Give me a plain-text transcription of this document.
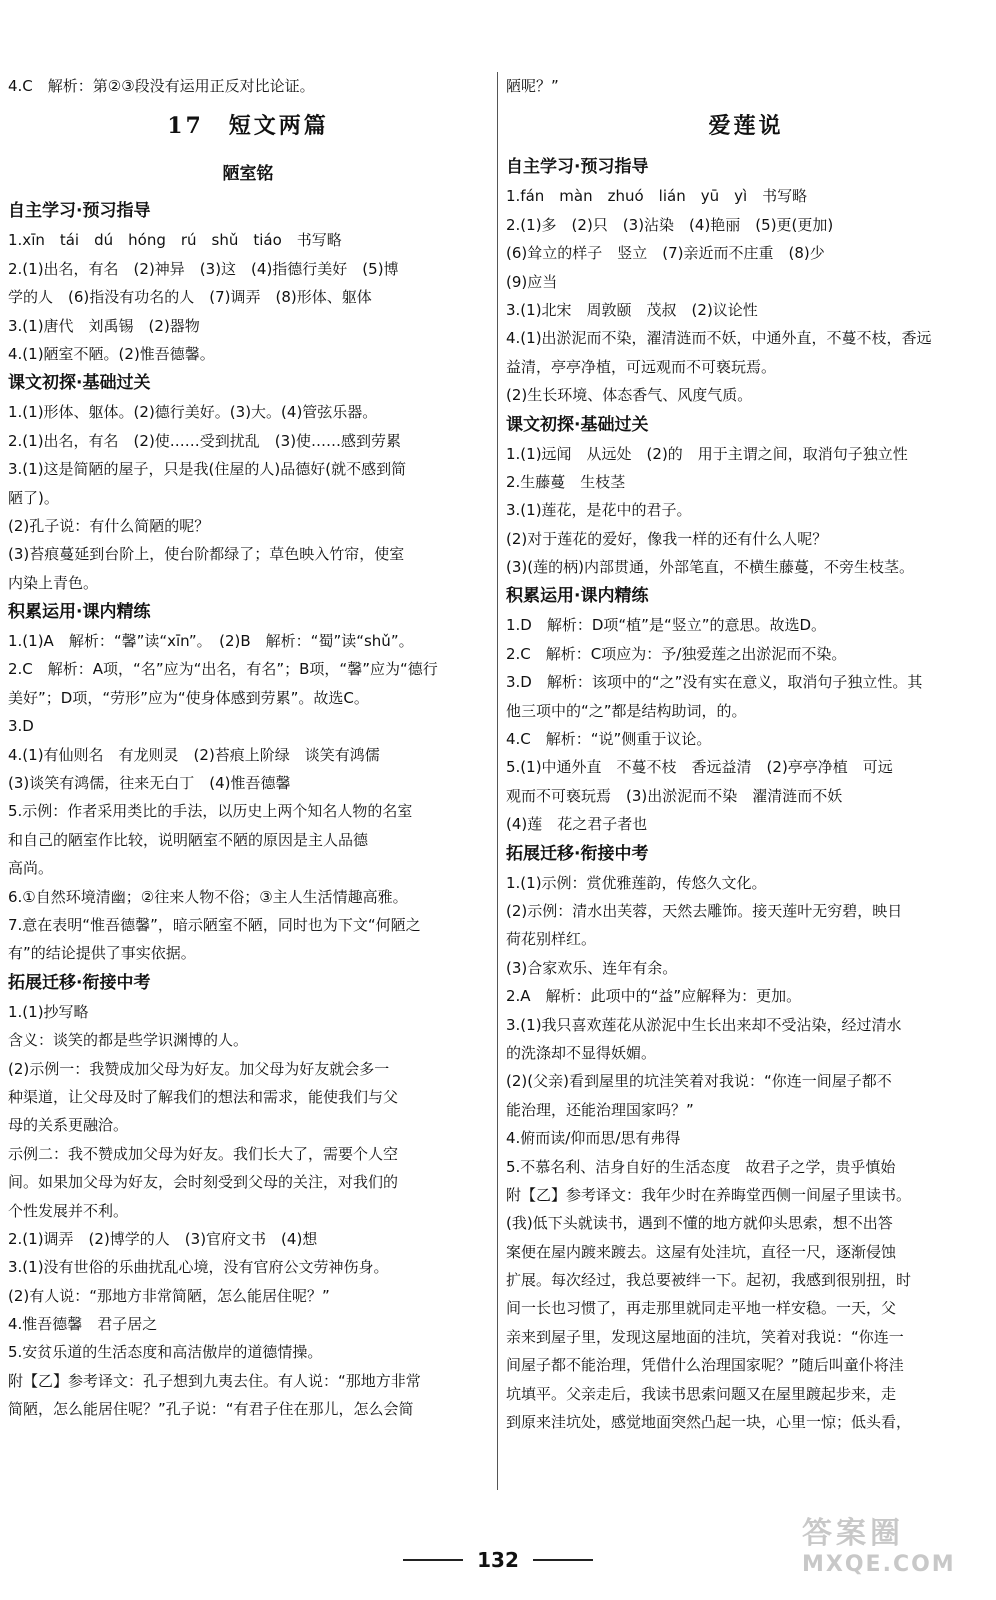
4.C　解析：第②③段没有运用正反对比论证。
17　短文两篇
陋室铭
自主学习·预习指导
1.xīn　tái　dú　hóng　rú　shǔ　tiáo　书写略
2.(1)出名，有名　(2)神异　(3)这　(4)指德行美好　(5)博
学的人　(6)指没有功名的人　(7)调弄　(8)形体、躯体
3.(1)唐代　刘禹锡　(2)器物
4.(1)陋室不陋。(2)惟吾德馨。
课文初探·基础过关
1.(1)形体、躯体。(2)德行美好。(3)大。(4)管弦乐器。
2.(1)出名，有名　(2)使……受到扰乱　(3)使……感到劳累
3.(1)这是简陋的屋子，只是我(住屋的人)品德好(就不感到简
陋了)。
(2)孔子说：有什么简陋的呢？
(3)苔痕蔓延到台阶上，使台阶都绿了；草色映入竹帘，使室
内染上青色。
积累运用·课内精练
1.(1)A　解析：“馨”读“xīn”。　(2)B　解析：“蜀”读“shǔ”。
2.C　解析：A项，“名”应为“出名，有名”；B项，“馨”应为“德行
美好”；D项，“劳形”应为“使身体感到劳累”。故选C。
3.D
4.(1)有仙则名　有龙则灵　(2)苔痕上阶绿　谈笑有鸿儒
(3)谈笑有鸿儒，往来无白丁　(4)惟吾德馨
5.示例：作者采用类比的手法，以历史上两个知名人物的名室
和自己的陋室作比较，说明陋室不陋的原因是主人品德
高尚。
6.①自然环境清幽；②往来人物不俗；③主人生活情趣高雅。
7.意在表明“惟吾德馨”，暗示陋室不陋，同时也为下文“何陋之
有”的结论提供了事实依据。
拓展迁移·衔接中考
1.(1)抄写略
含义：谈笑的都是些学识渊博的人。
(2)示例一：我赞成加父母为好友。加父母为好友就会多一
种渠道，让父母及时了解我们的想法和需求，能使我们与父
母的关系更融洽。
示例二：我不赞成加父母为好友。我们长大了，需要个人空
间。如果加父母为好友，会时刻受到父母的关注，对我们的
个性发展并不利。
2.(1)调弄　(2)博学的人　(3)官府文书　(4)想
3.(1)没有世俗的乐曲扰乱心境，没有官府公文劳神伤身。
(2)有人说：“那地方非常简陋，怎么能居住呢？”
4.惟吾德馨　君子居之
5.安贫乐道的生活态度和高洁傲岸的道德情操。
附【乙】参考译文：孔子想到九夷去住。有人说：“那地方非常
简陋，怎么能居住呢？”孔子说：“有君子住在那儿，怎么会简
陋呢？”
爱莲说
自主学习·预习指导
1.fán　màn　zhuó　lián　yū　yì　书写略
2.(1)多　(2)只　(3)沾染　(4)艳丽　(5)更(更加)
(6)耸立的样子　竖立　(7)亲近而不庄重　(8)少
(9)应当
3.(1)北宋　周敦颐　茂叔　(2)议论性
4.(1)出淤泥而不染，濯清涟而不妖，中通外直，不蔓不枝，香远
益清，亭亭净植，可远观而不可亵玩焉。
(2)生长环境、体态香气、风度气质。
课文初探·基础过关
1.(1)远闻　从远处　(2)的　用于主谓之间，取消句子独立性
2.生藤蔓　生枝茎
3.(1)莲花，是花中的君子。
(2)对于莲花的爱好，像我一样的还有什么人呢？
(3)(莲的柄)内部贯通，外部笔直，不横生藤蔓，不旁生枝茎。
积累运用·课内精练
1.D　解析：D项“植”是“竖立”的意思。故选D。
2.C　解析：C项应为：予/独爱莲之出淤泥而不染。
3.D　解析：该项中的“之”没有实在意义，取消句子独立性。其
他三项中的“之”都是结构助词，的。
4.C　解析：“说”侧重于议论。
5.(1)中通外直　不蔓不枝　香远益清　(2)亭亭净植　可远
观而不可亵玩焉　(3)出淤泥而不染　濯清涟而不妖
(4)莲　花之君子者也
拓展迁移·衔接中考
1.(1)示例：赏优雅莲韵，传悠久文化。
(2)示例：清水出芙蓉，天然去雕饰。接天莲叶无穷碧，映日
荷花别样红。
(3)合家欢乐、连年有余。
2.A　解析：此项中的“益”应解释为：更加。
3.(1)我只喜欢莲花从淤泥中生长出来却不受沾染，经过清水
的洗涤却不显得妖媚。
(2)(父亲)看到屋里的坑洼笑着对我说：“你连一间屋子都不
能治理，还能治理国家吗？”
4.俯而读/仰而思/思有弗得
5.不慕名利、洁身自好的生活态度　故君子之学，贵乎慎始
附【乙】参考译文：我年少时在养晦堂西侧一间屋子里读书。
(我)低下头就读书，遇到不懂的地方就仰头思索，想不出答
案便在屋内踱来踱去。这屋有处洼坑，直径一尺，逐渐侵蚀
扩展。每次经过，我总要被绊一下。起初，我感到很别扭，时
间一长也习惯了，再走那里就同走平地一样安稳。一天，父
亲来到屋子里，发现这屋地面的洼坑，笑着对我说：“你连一
间屋子都不能治理，凭借什么治理国家呢？”随后叫童仆将洼
坑填平。父亲走后，我读书思索问题又在屋里踱起步来，走
到原来洼坑处，感觉地面突然凸起一块，心里一惊；低头看，
132
答案圈
MXQE.COM
